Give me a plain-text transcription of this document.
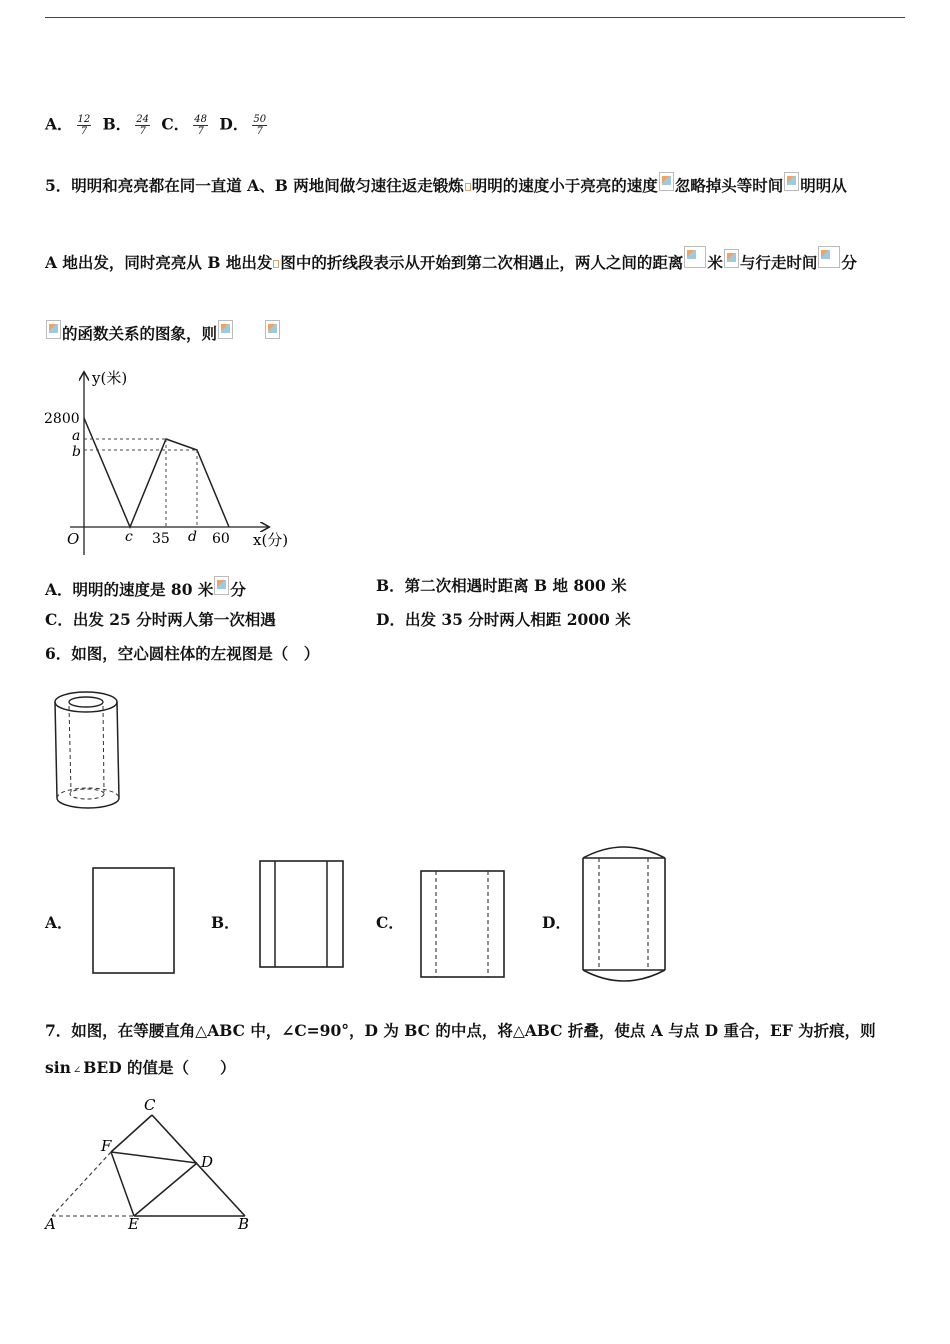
A． $\frac{12}{7}$ B． $\frac{24}{7}$ C． $\frac{48}{7}$ D． $\frac{50}{7}$
5．明明和亮亮都在同一直道 A、B 两地间做匀速往返走锻炼 明明的速度小于亮亮的速度 忽略掉头等时间 明明从
A 地出发，同时亮亮从 B 地出发 图中的折线段表示从开始到第二次相遇止，两人之间的距离 米 与行走时间 分
的函数关系的图象，则
y(米)
2800
a
b
O	c 35 d 60 x(分)
A．明明的速度是 80 米 分	B．第二次相遇时距离 B 地 800 米
C．出发 25 分时两人第一次相遇	D．出发 35 分时两人相距 2000 米
6．如图，空心圆柱体的左视图是（　）
A．	B．	C．	D．
7．如图，在等腰直角△ABC 中，∠C=90°，D 为 BC 的中点，将△ABC 折叠，使点 A 与点 D 重合，EF 为折痕，则
sin ∠ BED 的值是（　　）
C
F
D
A	E	B
